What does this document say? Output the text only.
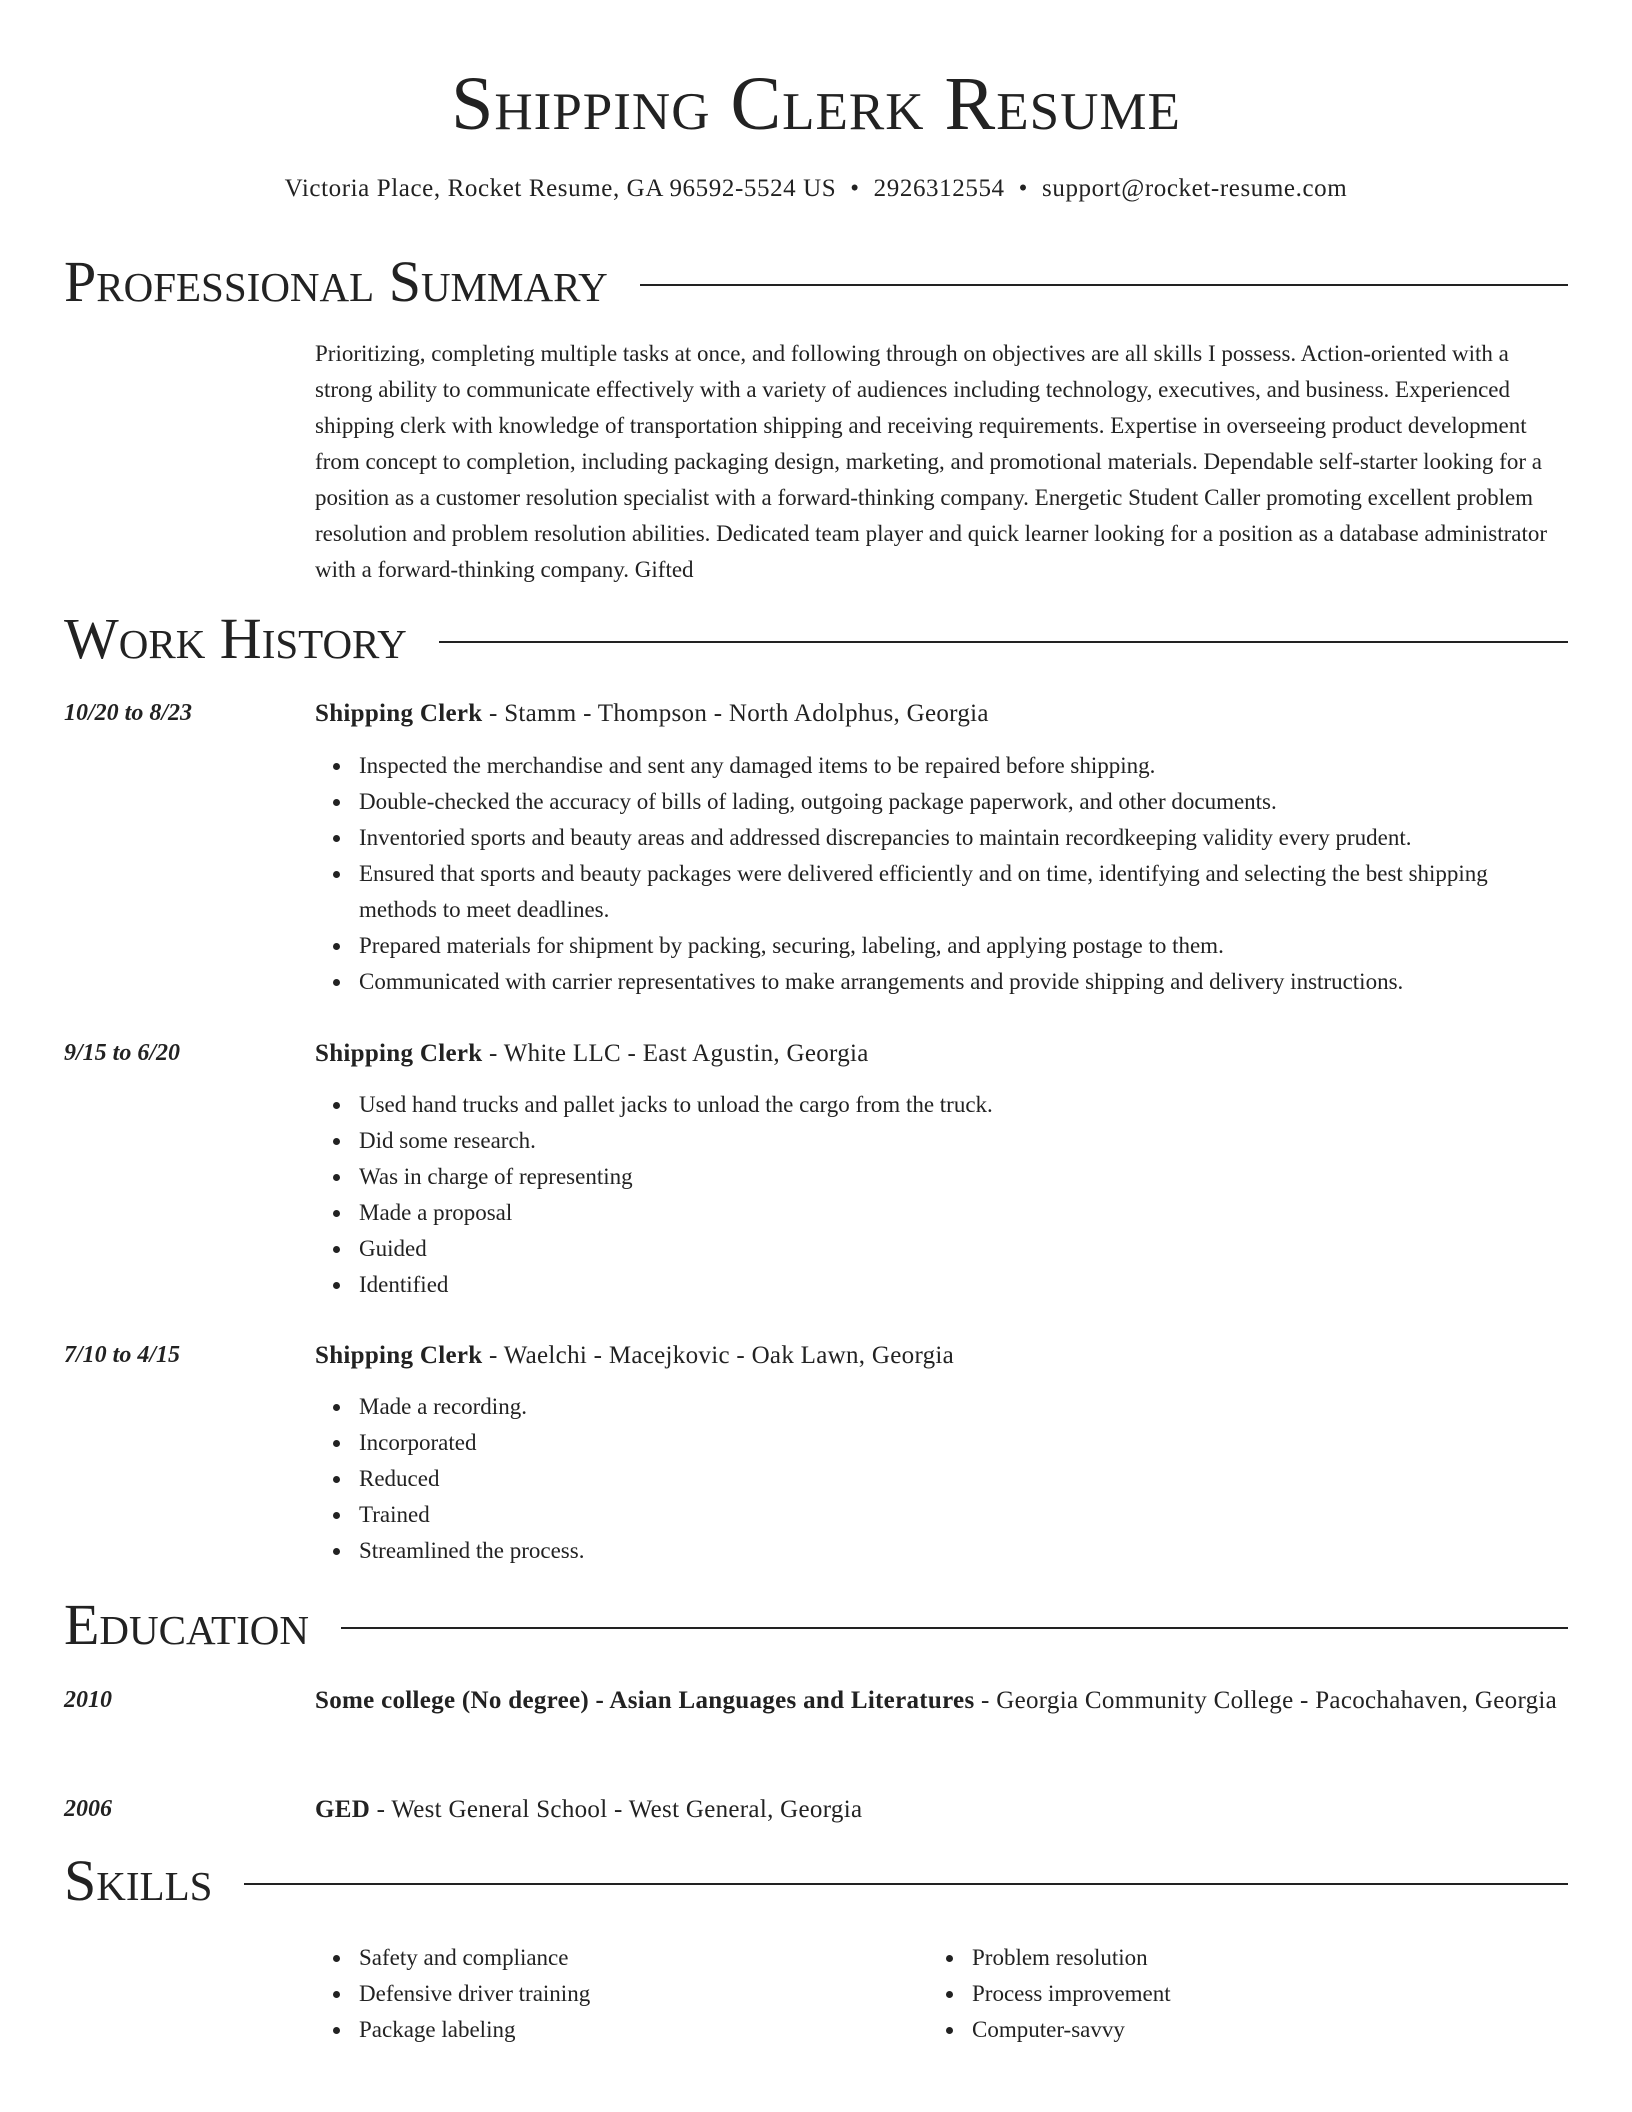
Shipping Clerk Resume
Victoria Place, Rocket Resume, GA 96592-5524 US • 2926312554 • support@rocket-resume.com
Professional Summary

Prioritizing, completing multiple tasks at once, and following through on objectives are all skills I possess. Action-oriented with a strong ability to communicate effectively with a variety of audiences including technology, executives, and business. Experienced shipping clerk with knowledge of transportation shipping and receiving requirements. Expertise in overseeing product development from concept to completion, including packaging design, marketing, and promotional materials. Dependable self-starter looking for a position as a customer resolution specialist with a forward-thinking company. Energetic Student Caller promoting excellent problem resolution and problem resolution abilities. Dedicated team player and quick learner looking for a position as a database administrator with a forward-thinking company. Gifted

Work History
10/20 to 8/23	Shipping Clerk - Stamm - Thompson - North Adolphus, Georgia

Inspected the merchandise and sent any damaged items to be repaired before shipping.
Double-checked the accuracy of bills of lading, outgoing package paperwork, and other documents.
Inventoried sports and beauty areas and addressed discrepancies to maintain recordkeeping validity every prudent.
Ensured that sports and beauty packages were delivered efficiently and on time, identifying and selecting the best shipping methods to meet deadlines.
Prepared materials for shipment by packing, securing, labeling, and applying postage to them.
Communicated with carrier representatives to make arrangements and provide shipping and delivery instructions.
9/15 to 6/20	Shipping Clerk - White LLC - East Agustin, Georgia

Used hand trucks and pallet jacks to unload the cargo from the truck.
Did some research.
Was in charge of representing
Made a proposal
Guided
Identified
7/10 to 4/15	Shipping Clerk - Waelchi - Macejkovic - Oak Lawn, Georgia

Made a recording.
Incorporated
Reduced
Trained
Streamlined the process.
Education
2010	Some college (No degree) - Asian Languages and Literatures - Georgia Community College - Pacochahaven, Georgia

2006	GED - West General School - West General, Georgia

Skills
Safety and compliance
Defensive driver training
Package labeling
Problem resolution
Process improvement
Computer-savvy
